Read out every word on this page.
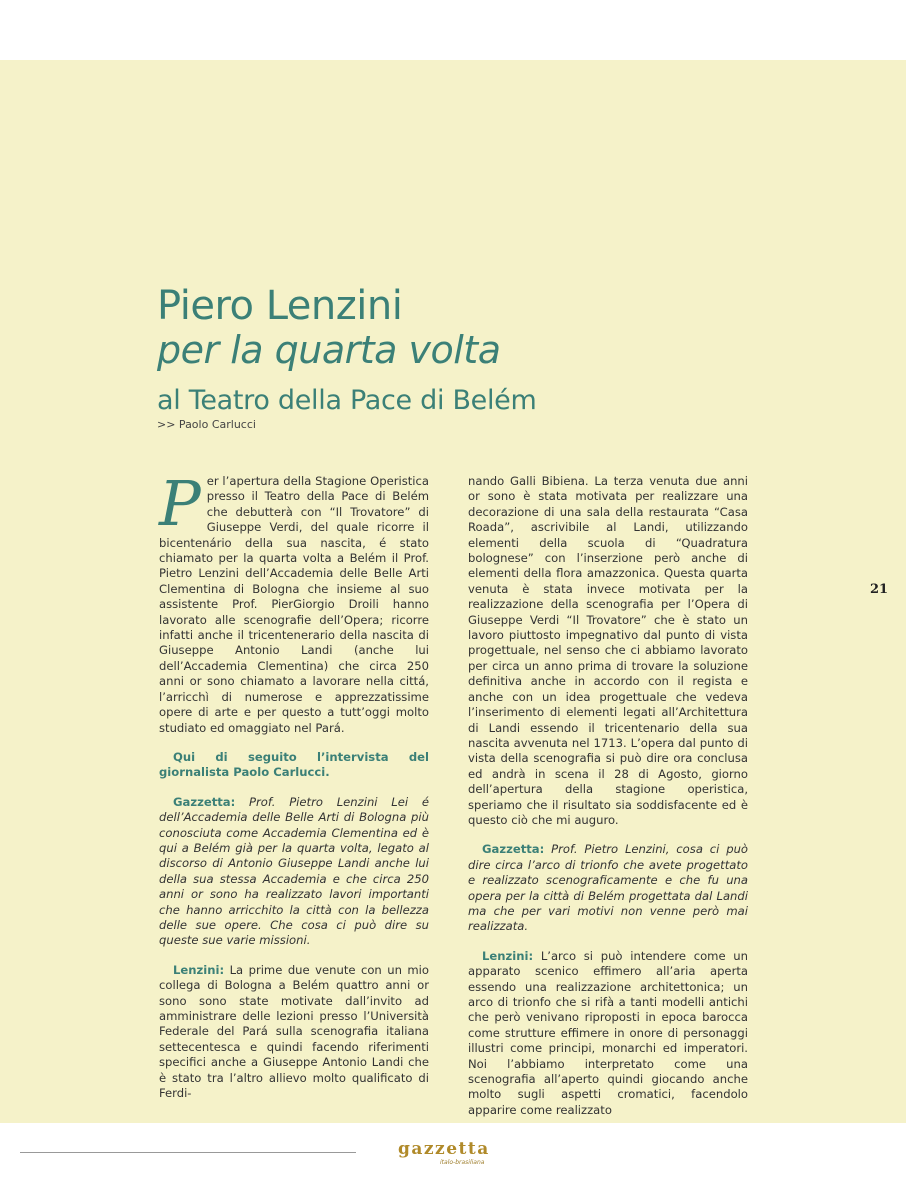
Piero Lenzini
per la quarta volta
al Teatro della Pace di Belém
>> Paolo Carlucci

Per l’apertura della Stagione Operistica presso il Teatro della Pace di Belém che debutterà con “Il Trovatore” di Giuseppe Verdi, del quale ricorre il bicentenário della sua nascita, é stato chiamato per la quarta volta a Belém il Prof. Pietro Lenzini dell’Accademia delle Belle Arti Clementina di Bologna che insieme al suo assistente Prof. PierGiorgio Droili hanno lavorato alle scenografie dell’Opera; ricorre infatti anche il tricentenerario della nascita di Giuseppe Antonio Landi (anche lui dell’Accademia Clementina) che circa 250 anni or sono chiamato a lavorare nella cittá, l’arricchì di numerose e apprezzatissime opere di arte e per questo a tutt’oggi molto studiato ed omaggiato nel Pará.

Qui di seguito l’intervista del giornalista Paolo Carlucci.

Gazzetta: Prof. Pietro Lenzini Lei é dell’Accademia delle Belle Arti di Bologna più conosciuta come Accademia Clementina ed è qui a Belém già per la quarta volta, legato al discorso di Antonio Giuseppe Landi anche lui della sua stessa Accademia e che circa 250 anni or sono ha realizzato lavori importanti che hanno arricchito la città con la bellezza delle sue opere. Che cosa ci può dire su queste sue varie missioni.

Lenzini: La prime due venute con un mio collega di Bologna a Belém quattro anni or sono sono state motivate dall’invito ad amministrare delle lezioni presso l’Università Federale del Pará sulla scenografia italiana settecentesca e quindi facendo riferimenti specifici anche a Giuseppe Antonio Landi che è stato tra l’altro allievo molto qualificato di Ferdi-

nando Galli Bibiena. La terza venuta due anni or sono è stata motivata per realizzare una decorazione di una sala della restaurata “Casa Roada”, ascrivibile al Landi, utilizzando elementi della scuola di “Quadratura bolognese” con l’inserzione però anche di elementi della flora amazzonica. Questa quarta venuta è stata invece motivata per la realizzazione della scenografia per l’Opera di Giuseppe Verdi “Il Trovatore” che è stato un lavoro piuttosto impegnativo dal punto di vista progettuale, nel senso che ci abbiamo lavorato per circa un anno prima di trovare la soluzione definitiva anche in accordo con il regista e anche con un idea progettuale che vedeva l’inserimento di elementi legati all’Architettura di Landi essendo il tricentenario della sua nascita avvenuta nel 1713. L’opera dal punto di vista della scenografia si può dire ora conclusa ed andrà in scena il 28 di Agosto, giorno dell’apertura della stagione operistica, speriamo che il risultato sia soddisfacente ed è questo ciò che mi auguro.

Gazzetta: Prof. Pietro Lenzini, cosa ci può dire circa l’arco di trionfo che avete progettato e realizzato scenograficamente e che fu una opera per la città di Belém progettata dal Landi ma che per vari motivi non venne però mai realizzata.

Lenzini: L’arco si può intendere come un apparato scenico effimero all’aria aperta essendo una realizzazione architettonica; un arco di trionfo che si rifà a tanti modelli antichi che però venivano riproposti in epoca barocca come strutture effimere in onore di personaggi illustri come principi, monarchi ed imperatori. Noi l’abbiamo interpretato come una scenografia all’aperto quindi giocando anche molto sugli aspetti cromatici, facendolo apparire come realizzato

21
gazzetta
italo-brasiliana
